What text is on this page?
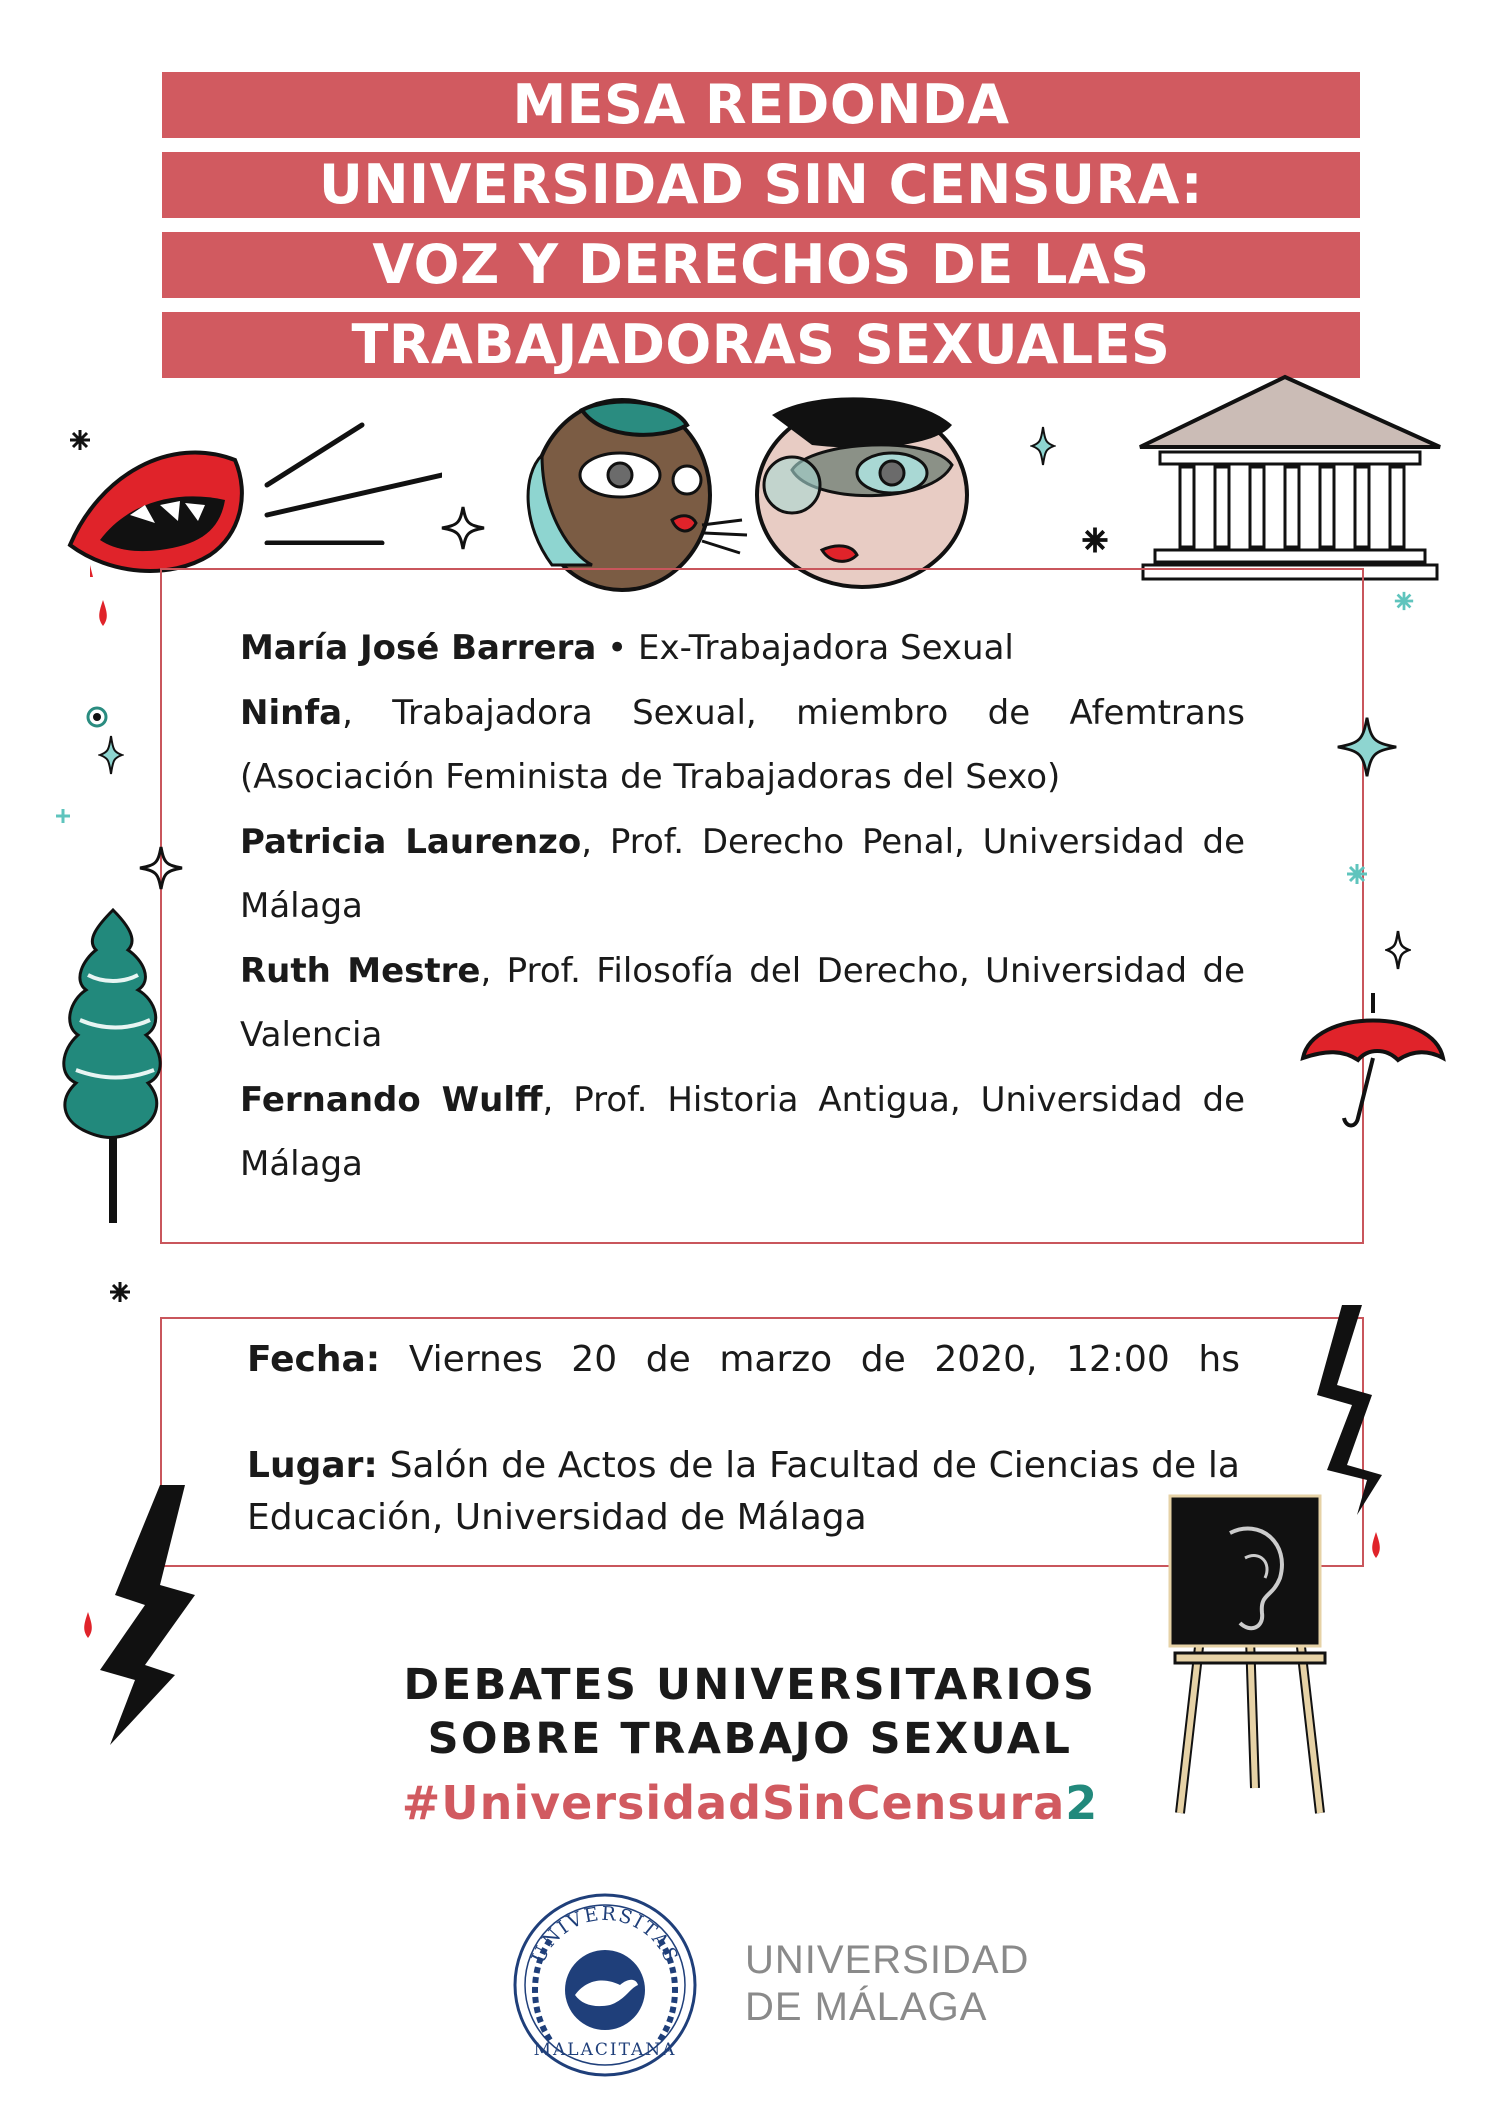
MESA REDONDA
UNIVERSIDAD SIN CENSURA:
VOZ Y DERECHOS DE LAS
TRABAJADORAS SEXUALES

María José Barrera • Ex-Trabajadora Sexual

Ninfa, Trabajadora Sexual, miembro de Afemtrans (Asociación Feminista de Trabajadoras del Sexo)

Patricia Laurenzo, Prof. Derecho Penal, Universidad de Málaga

Ruth Mestre, Prof. Filosofía del Derecho, Universidad de Valencia

Fernando Wulff, Prof. Historia Antigua, Universidad de Málaga

Fecha: Viernes 20 de marzo de 2020, 12:00 hs

Lugar: Salón de Actos de la Facultad de Ciencias de la Educación, Universidad de Málaga

DEBATES UNIVERSITARIOS
SOBRE TRABAJO SEXUAL
#UniversidadSinCensura2
UNIVERSITAS
MALACITANA
UNIVERSIDAD
DE MÁLAGA
